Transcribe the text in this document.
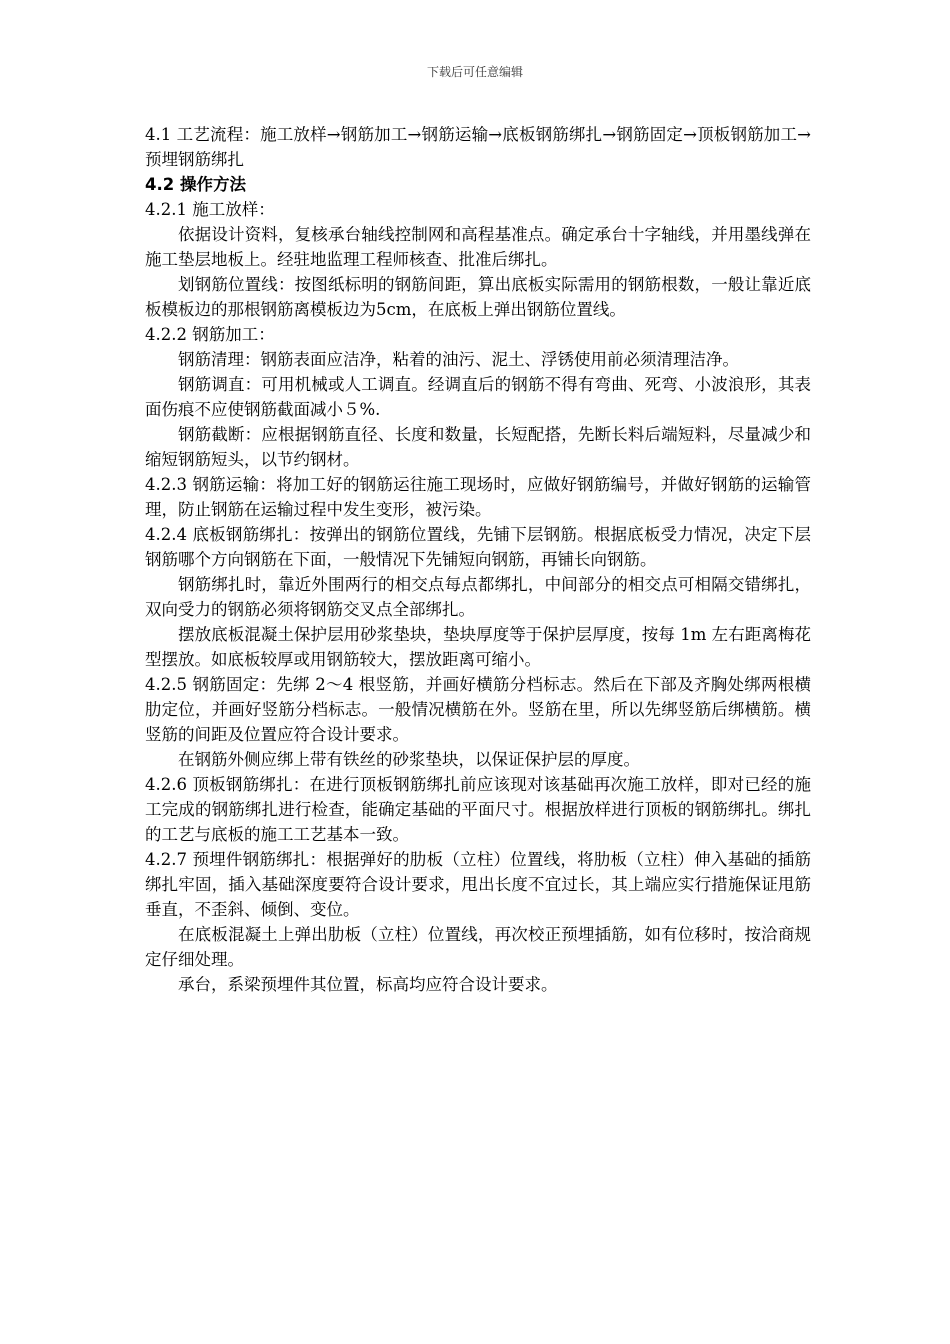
下载后可任意编辑

4.1 工艺流程：施工放样→钢筋加工→钢筋运输→底板钢筋绑扎→钢筋固定→顶板钢筋加工→预埋钢筋绑扎

4.2 操作方法

4.2.1 施工放样：

依据设计资料，复核承台轴线控制网和高程基准点。确定承台十字轴线，并用墨线弹在施工垫层地板上。经驻地监理工程师核查、批准后绑扎。

划钢筋位置线：按图纸标明的钢筋间距，算出底板实际需用的钢筋根数，一般让靠近底板模板边的那根钢筋离模板边为5cm，在底板上弹出钢筋位置线。

4.2.2 钢筋加工：

钢筋清理：钢筋表面应洁净，粘着的油污、泥土、浮锈使用前必须清理洁净。

钢筋调直：可用机械或人工调直。经调直后的钢筋不得有弯曲、死弯、小波浪形，其表面伤痕不应使钢筋截面减小５%.

钢筋截断：应根据钢筋直径、长度和数量，长短配搭，先断长料后端短料，尽量减少和缩短钢筋短头，以节约钢材。

4.2.3 钢筋运输：将加工好的钢筋运往施工现场时，应做好钢筋编号，并做好钢筋的运输管理，防止钢筋在运输过程中发生变形，被污染。

4.2.4 底板钢筋绑扎：按弹出的钢筋位置线，先铺下层钢筋。根据底板受力情况，决定下层钢筋哪个方向钢筋在下面，一般情况下先铺短向钢筋，再铺长向钢筋。

钢筋绑扎时，靠近外围两行的相交点每点都绑扎，中间部分的相交点可相隔交错绑扎，双向受力的钢筋必须将钢筋交叉点全部绑扎。

摆放底板混凝土保护层用砂浆垫块，垫块厚度等于保护层厚度，按每 1m 左右距离梅花型摆放。如底板较厚或用钢筋较大，摆放距离可缩小。

4.2.5 钢筋固定：先绑 2～4 根竖筋，并画好横筋分档标志。然后在下部及齐胸处绑两根横肋定位，并画好竖筋分档标志。一般情况横筋在外。竖筋在里，所以先绑竖筋后绑横筋。横竖筋的间距及位置应符合设计要求。

在钢筋外侧应绑上带有铁丝的砂浆垫块，以保证保护层的厚度。

4.2.6 顶板钢筋绑扎：在进行顶板钢筋绑扎前应该现对该基础再次施工放样，即对已经的施工完成的钢筋绑扎进行检查，能确定基础的平面尺寸。根据放样进行顶板的钢筋绑扎。绑扎的工艺与底板的施工工艺基本一致。

4.2.7 预埋件钢筋绑扎：根据弹好的肋板（立柱）位置线，将肋板（立柱）伸入基础的插筋绑扎牢固，插入基础深度要符合设计要求，甩出长度不宜过长，其上端应实行措施保证甩筋垂直，不歪斜、倾倒、变位。

在底板混凝土上弹出肋板（立柱）位置线，再次校正预埋插筋，如有位移时，按洽商规定仔细处理。

承台，系梁预埋件其位置，标高均应符合设计要求。
